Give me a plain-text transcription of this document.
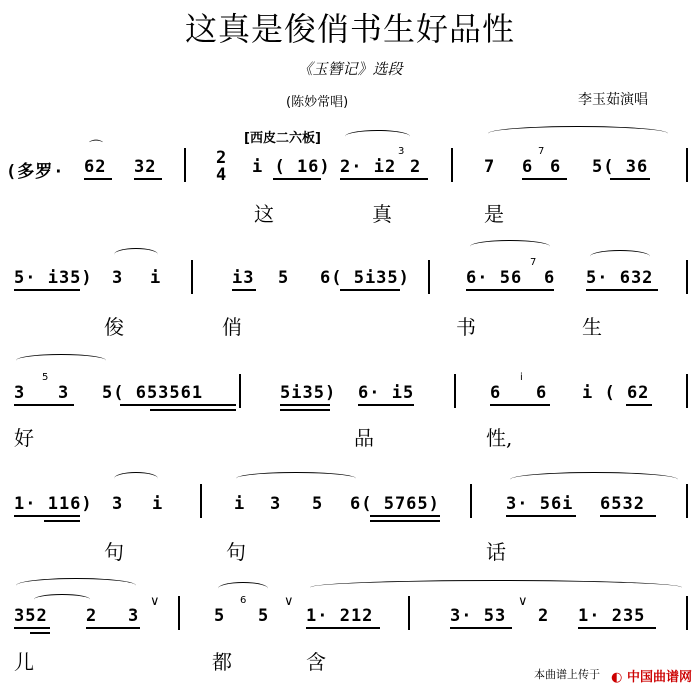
这真是俊俏书生好品性
《玉簪记》选段
(陈妙常唱)	李玉茹演唱
[西皮二六板]
(多罗·
⌒
62 32	2
4 i ( 16) 2· i2
3
2	7
7
6 6 5( 36
这	真	是
5· i35) 3 i	i3 5 6( 5i35)	6· 56
7
6 5· 632
俊	俏	书	生
3
5
3 5( 653561	5i35) 6· i5	6
i
6 i ( 62
好	品	性,
1· 116) 3 i	i 3 5 6( 5765)	3· 56i 6532
句	句	话
352 2 3
∨
5
6
5
∨
1· 212	3· 53
∨
2 1· 235
儿	都	含
本曲谱上传于 ◐ 中国曲谱网
